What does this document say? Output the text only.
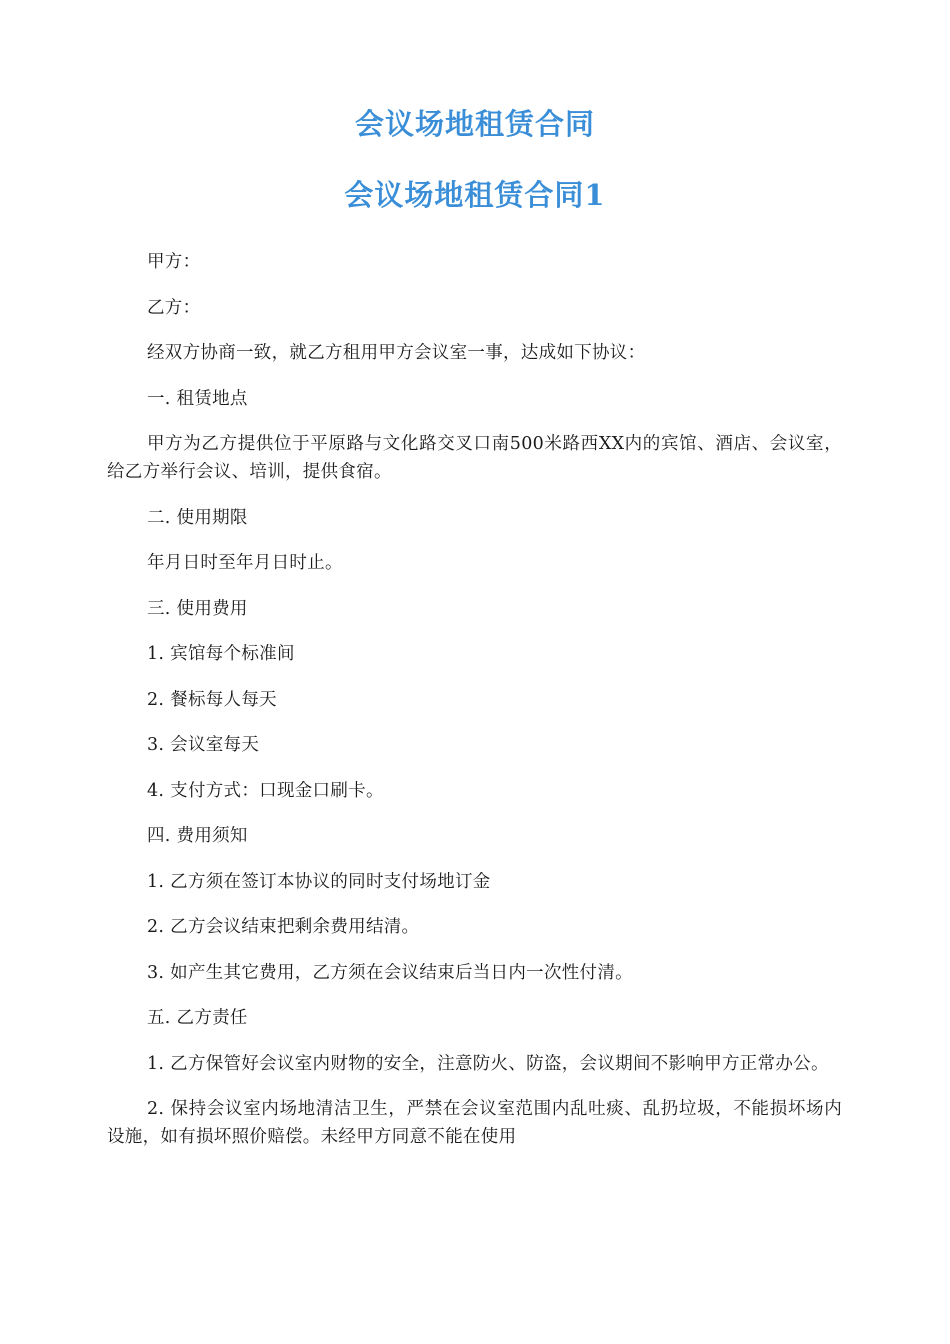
会议场地租赁合同
会议场地租赁合同1

甲方：

乙方：

经双方协商一致，就乙方租用甲方会议室一事，达成如下协议：

一. 租赁地点

甲方为乙方提供位于平原路与文化路交叉口南500米路西XX内的宾馆、酒店、会议室，给乙方举行会议、培训，提供食宿。

二. 使用期限

年月日时至年月日时止。

三. 使用费用

1. 宾馆每个标准间

2. 餐标每人每天

3. 会议室每天

4. 支付方式：口现金口刷卡。

四. 费用须知

1. 乙方须在签订本协议的同时支付场地订金

2. 乙方会议结束把剩余费用结清。

3. 如产生其它费用，乙方须在会议结束后当日内一次性付清。

五. 乙方责任

1. 乙方保管好会议室内财物的安全，注意防火、防盗，会议期间不影响甲方正常办公。

2. 保持会议室内场地清洁卫生，严禁在会议室范围内乱吐痰、乱扔垃圾，不能损坏场内设施，如有损坏照价赔偿。未经甲方同意不能在使用
